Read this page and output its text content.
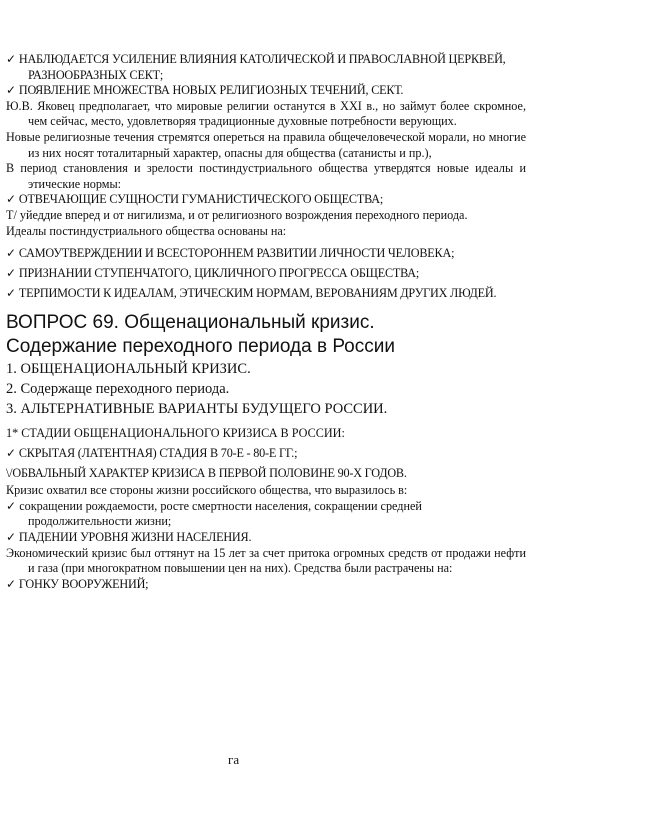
✓ НАБЛЮДАЕТСЯ УСИЛЕНИЕ ВЛИЯНИЯ КАТОЛИЧЕСКОЙ И ПРАВОСЛАВНОЙ ЦЕРКВЕЙ, РАЗНООБРАЗНЫХ СЕКТ;

✓ ПОЯВЛЕНИЕ МНОЖЕСТВА НОВЫХ РЕЛИГИОЗНЫХ ТЕЧЕНИЙ, СЕКТ.

Ю.В. Яковец предполагает, что мировые религии останутся в XXI в., но займут более скромное, чем сейчас, место, удовлетворяя традиционные духовные потребности верующих.

Новые религиозные течения стремятся опереться на правила общечеловеческой морали, но многие из них носят тоталитарный характер, опасны для общества (сатанисты и пр.),

В период становления и зрелости постиндустриального общества утвердятся новые идеалы и этические нормы:

✓ ОТВЕЧАЮЩИЕ СУЩНОСТИ ГУМАНИСТИЧЕСКОГО ОБЩЕСТВА;

T/ уйеддие вперед и от нигилизма, и от религиозного возрождения переходного периода.

Идеалы постиндустриального общества основаны на:

✓ САМОУТВЕРЖДЕНИИ И ВСЕСТОРОННЕМ РАЗВИТИИ ЛИЧНОСТИ ЧЕЛОВЕКА;

✓ ПРИЗНАНИИ СТУПЕНЧАТОГО, ЦИКЛИЧНОГО ПРОГРЕССА ОБЩЕСТВА;

✓ ТЕРПИМОСТИ К ИДЕАЛАМ, ЭТИЧЕСКИМ НОРМАМ, ВЕРОВАНИЯМ ДРУГИХ ЛЮДЕЙ.

ВОПРОС 69. Общенациональный кризис.
Содержание переходного периода в России

1. ОБЩЕНАЦИОНАЛЬНЫЙ КРИЗИС.

2. Содержаще переходного периода.

3. АЛЬТЕРНАТИВНЫЕ ВАРИАНТЫ БУДУЩЕГО РОССИИ.

1* СТАДИИ ОБЩЕНАЦИОНАЛЬНОГО КРИЗИСА В РОССИИ:

✓ СКРЫТАЯ (ЛАТЕНТНАЯ) СТАДИЯ В 70-Е - 80-Е ГГ.;

\/ОБВАЛЬНЫЙ ХАРАКТЕР КРИЗИСА В ПЕРВОЙ ПОЛОВИНЕ 90-Х ГОДОВ.

Кризис охватил все стороны жизни российского общества, что выразилось в:

✓ сокращении рождаемости, росте смертности населения, сокращении средней продолжительности жизни;

✓ ПАДЕНИИ УРОВНЯ ЖИЗНИ НАСЕЛЕНИЯ.

Экономический кризис был оттянут на 15 лет за счет притока огромных средств от продажи нефти и газа (при многократном повышении цен на них). Средства были растрачены на:

✓ ГОНКУ ВООРУЖЕНИЙ;

га
